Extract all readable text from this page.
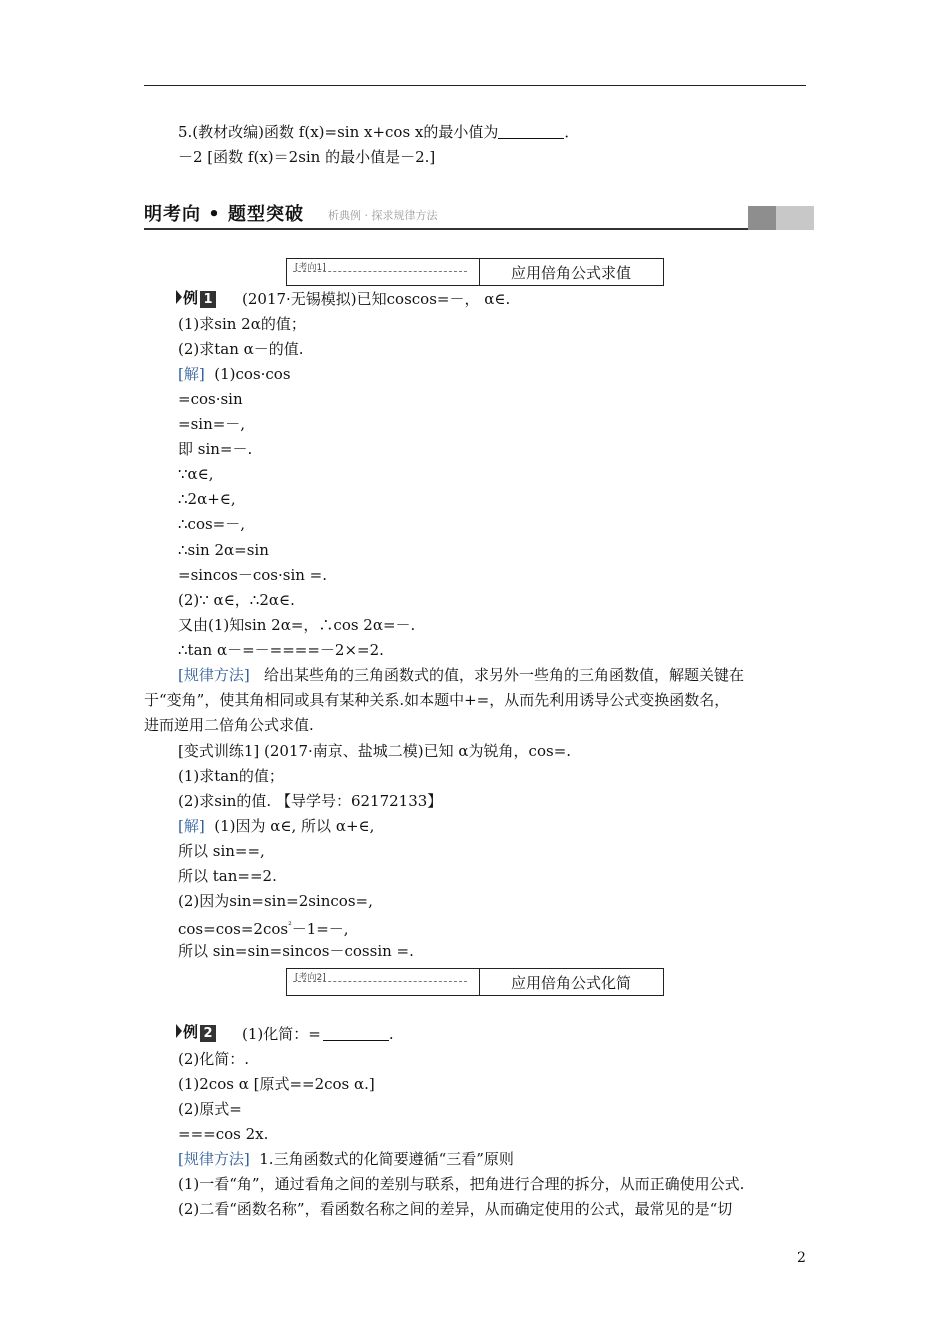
5.(教材改编)函数 f(x)=sin x+cos x的最小值为	．
－2 [函数 f(x)＝2sin 的最小值是－2.]
明考向 • 题型突破 析典例 · 探求规律方法
[考向1]	应用倍角公式求值
例 1 (2017·无锡模拟)已知coscos=－， α∈.
(1)求sin 2α的值；
(2)求tan α－的值.
[解] (1)cos·cos
=cos·sin
=sin=－,
即 sin=－.
∵α∈,
∴2α+∈,
∴cos=－,
∴sin 2α=sin
=sincos－cos·sin =.
(2)∵ α∈，∴2α∈.
又由(1)知sin 2α=，∴cos 2α=－.
∴tan α－=－====－2×=2.
[规律方法] 给出某些角的三角函数式的值，求另外一些角的三角函数值，解题关键在
于“变角”，使其角相同或具有某种关系.如本题中+=，从而先利用诱导公式变换函数名，
进而逆用二倍角公式求值.
[变式训练1] (2017·南京、盐城二模)已知 α为锐角，cos=.
(1)求tan的值；
(2)求sin的值. 【导学号：62172133】
[解] (1)因为 α∈, 所以 α+∈,
所以 sin==,
所以 tan==2.
(2)因为sin=sin=2sincos=,
$\cos=\cos=2\cos^{^2}-1=-$,
所以 sin=sin=sincos－cossin =.
[考向2]	应用倍角公式化简
例 2 (1)化简：=	.
(2)化简：.
(1)2cos α [原式==2cos α.]
(2)原式=
===cos 2x.
[规律方法] 1.三角函数式的化简要遵循“三看”原则
(1)一看“角”，通过看角之间的差别与联系，把角进行合理的拆分，从而正确使用公式.
(2)二看“函数名称”，看函数名称之间的差异，从而确定使用的公式，最常见的是“切
2
